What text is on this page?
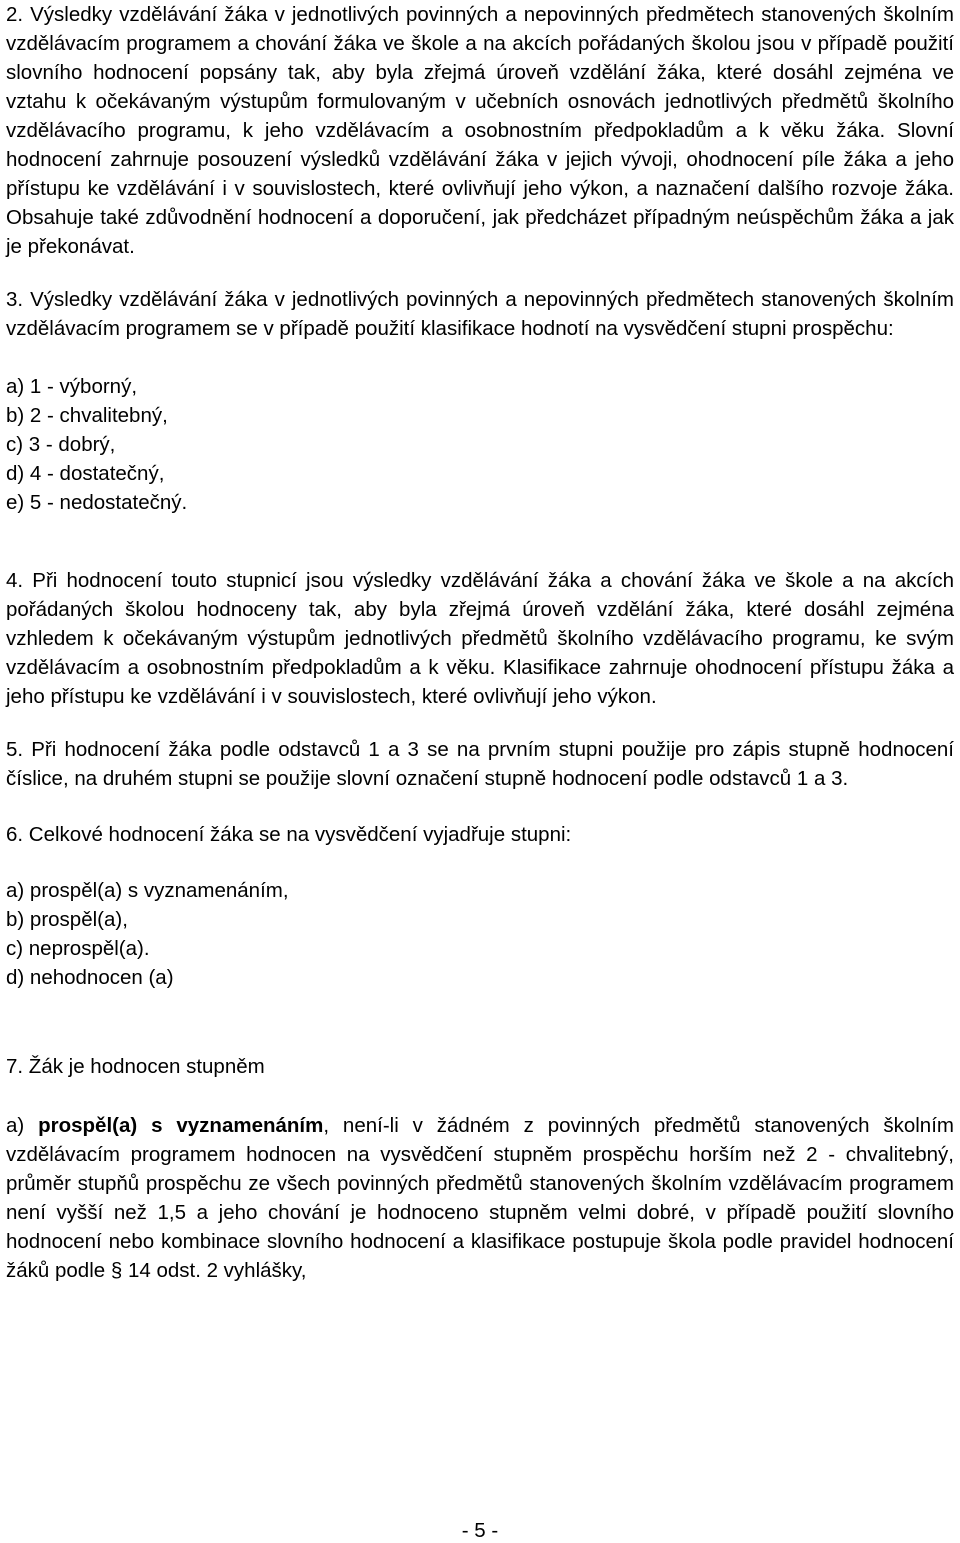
2. Výsledky vzdělávání žáka v jednotlivých povinných a nepovinných předmětech stanovených školním vzdělávacím programem a chování žáka ve škole a na akcích pořádaných školou jsou v případě použití slovního hodnocení popsány tak, aby byla zřejmá úroveň vzdělání žáka, které dosáhl zejména ve vztahu k očekávaným výstupům formulovaným v učebních osnovách jednotlivých předmětů školního vzdělávacího programu, k jeho vzdělávacím a osobnostním předpokladům a k věku žáka. Slovní hodnocení zahrnuje posouzení výsledků vzdělávání žáka v jejich vývoji, ohodnocení píle žáka a jeho přístupu ke vzdělávání i v souvislostech, které ovlivňují jeho výkon, a naznačení dalšího rozvoje žáka. Obsahuje také zdůvodnění hodnocení a doporučení, jak předcházet případným neúspěchům žáka a jak je překonávat.

3. Výsledky vzdělávání žáka v jednotlivých povinných a nepovinných předmětech stanovených školním vzdělávacím programem se v případě použití klasifikace hodnotí na vysvědčení stupni prospěchu:

a) 1 - výborný,

b) 2 - chvalitebný,

c) 3 - dobrý,

d) 4 - dostatečný,

e) 5 - nedostatečný.

4. Při hodnocení touto stupnicí jsou výsledky vzdělávání žáka a chování žáka ve škole a na akcích pořádaných školou hodnoceny tak, aby byla zřejmá úroveň vzdělání žáka, které dosáhl zejména vzhledem k očekávaným výstupům jednotlivých předmětů školního vzdělávacího programu, ke svým vzdělávacím a osobnostním předpokladům a k věku. Klasifikace zahrnuje ohodnocení přístupu žáka a jeho přístupu ke vzdělávání i v souvislostech, které ovlivňují jeho výkon.

5. Při hodnocení žáka podle odstavců 1 a 3 se na prvním stupni použije pro zápis stupně hodnocení číslice, na druhém stupni se použije slovní označení stupně hodnocení podle odstavců 1 a 3.

6. Celkové hodnocení žáka se na vysvědčení vyjadřuje stupni:

a) prospěl(a) s vyznamenáním,

b) prospěl(a),

c) neprospěl(a).

d) nehodnocen (a)

7. Žák je hodnocen stupněm

a) prospěl(a) s vyznamenáním, není-li v žádném z povinných předmětů stanovených školním vzdělávacím programem hodnocen na vysvědčení stupněm prospěchu horším než 2 - chvalitebný, průměr stupňů prospěchu ze všech povinných předmětů stanovených školním vzdělávacím programem není vyšší než 1,5 a jeho chování je hodnoceno stupněm velmi dobré, v případě použití slovního hodnocení nebo kombinace slovního hodnocení a klasifikace postupuje škola podle pravidel hodnocení žáků podle § 14 odst. 2 vyhlášky,

- 5 -
